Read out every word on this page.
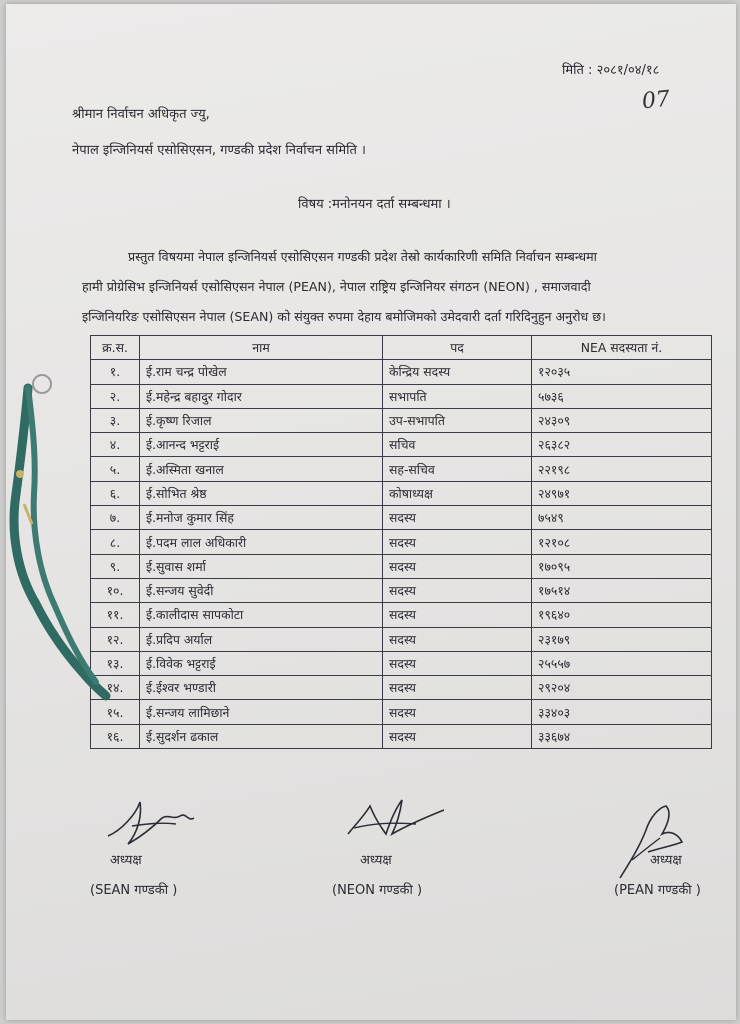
मिति : २०८१/०४/१८
07
श्रीमान निर्वाचन अधिकृत ज्यु,
नेपाल इन्जिनियर्स एसोसिएसन, गण्डकी प्रदेश निर्वाचन समिति ।
विषय :मनोनयन दर्ता सम्बन्धमा ।
प्रस्तुत विषयमा नेपाल इन्जिनियर्स एसोसिएसन गण्डकी प्रदेश तेस्रो कार्यकारिणी समिति निर्वाचन सम्बन्धमा
हामी प्रोग्रेसिभ इन्जिनियर्स एसोसिएसन नेपाल (PEAN), नेपाल राष्ट्रिय इन्जिनियर संगठन (NEON) , समाजवादी
इन्जिनियरिङ एसोसिएसन नेपाल (SEAN) को संयुक्त रुपमा देहाय बमोजिमको उमेदवारी दर्ता गरिदिनुहुन अनुरोध छ।
क्र.स.	नाम	पद	NEA सदस्यता नं.
१.	ई.राम चन्द्र पोखेल	केन्द्रिय सदस्य	१२०३५
२.	ई.महेन्द्र बहादुर गोदार	सभापति	५७३६
३.	ई.कृष्ण रिजाल	उप-सभापति	२४३०९
४.	ई.आनन्द भट्टराई	सचिव	२६३८२
५.	ई.अस्मिता खनाल	सह-सचिव	२२१९८
६.	ई.सोभित श्रेष्ठ	कोषाध्यक्ष	२४९७१
७.	ई.मनोज कुमार सिंह	सदस्य	७५४९
८.	ई.पदम लाल अधिकारी	सदस्य	१२१०८
९.	ई.सुवास शर्मा	सदस्य	१७०९५
१०.	ई.सन्जय सुवेदी	सदस्य	१७५१४
११.	ई.कालीदास सापकोटा	सदस्य	१९६४०
१२.	ई.प्रदिप अर्याल	सदस्य	२३१७९
१३.	ई.विवेक भट्टराई	सदस्य	२५५५७
१४.	ई.ईश्वर भण्डारी	सदस्य	२९२०४
१५.	ई.सन्जय लामिछाने	सदस्य	३३४०३
१६.	ई.सुदर्शन ढकाल	सदस्य	३३६७४
अध्यक्ष
(SEAN गण्डकी )
अध्यक्ष
(NEON गण्डकी )
अध्यक्ष
(PEAN गण्डकी )
